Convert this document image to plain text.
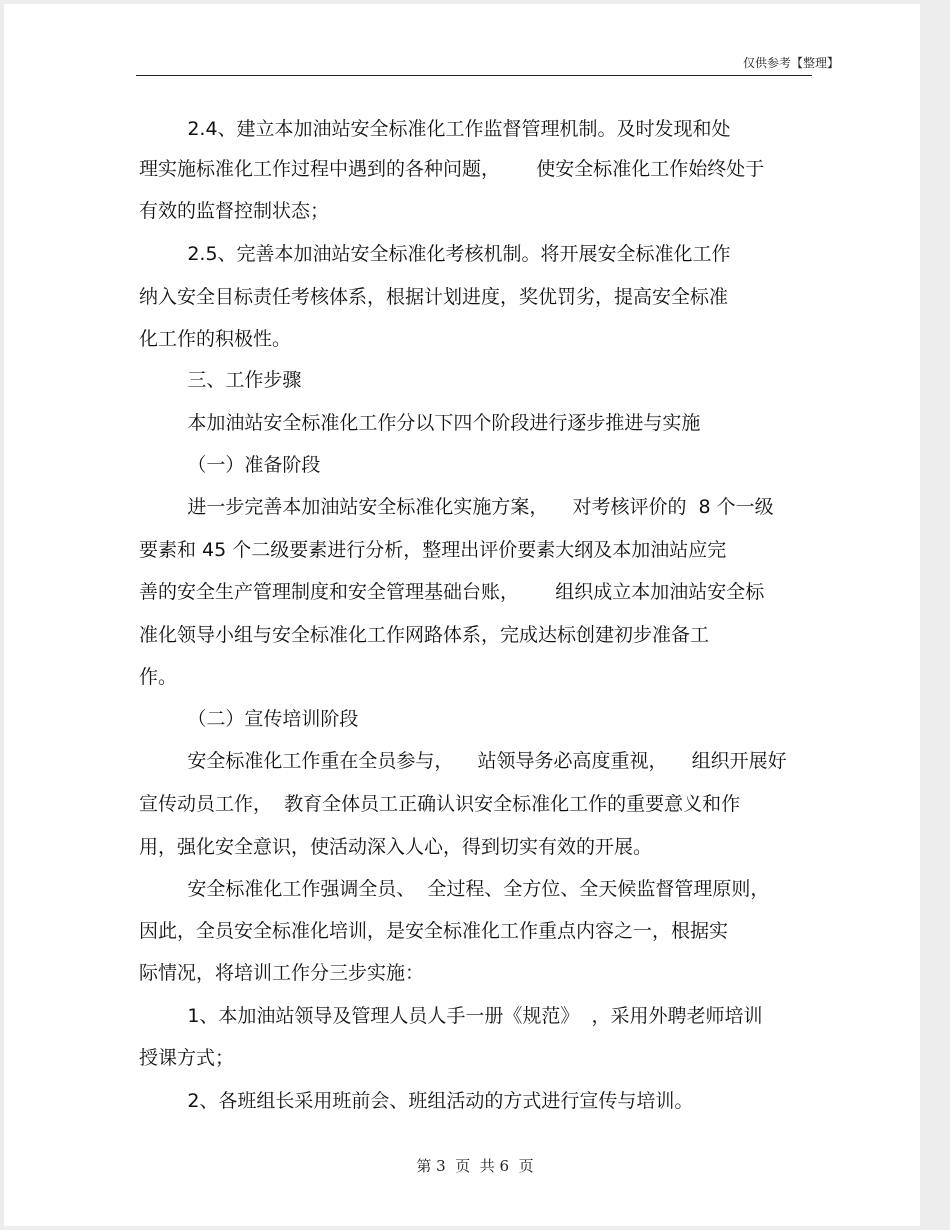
仅供参考【整理】
2.4、建立本加油站安全标准化工作监督管理机制。及时发现和处
理实施标准化工作过程中遇到的各种问题，      使安全标准化工作始终处于
有效的监督控制状态；
2.5、完善本加油站安全标准化考核机制。将开展安全标准化工作
纳入安全目标责任考核体系，根据计划进度，奖优罚劣，提高安全标准
化工作的积极性。
三、工作步骤
本加油站安全标准化工作分以下四个阶段进行逐步推进与实施
（一）准备阶段
进一步完善本加油站安全标准化实施方案，    对考核评价的  8 个一级
要素和 45 个二级要素进行分析，整理出评价要素大纲及本加油站应完
善的安全生产管理制度和安全管理基础台账，      组织成立本加油站安全标
准化领导小组与安全标准化工作网路体系，完成达标创建初步准备工
作。
（二）宣传培训阶段
安全标准化工作重在全员参与，    站领导务必高度重视，    组织开展好
宣传动员工作，  教育全体员工正确认识安全标准化工作的重要意义和作
用，强化安全意识，使活动深入人心，得到切实有效的开展。
安全标准化工作强调全员、  全过程、全方位、全天候监督管理原则，
因此，全员安全标准化培训，是安全标准化工作重点内容之一，根据实
际情况，将培训工作分三步实施：
1、本加油站领导及管理人员人手一册《规范》  ，采用外聘老师培训
授课方式；
2、各班组长采用班前会、班组活动的方式进行宣传与培训。
第 3  页  共 6  页
